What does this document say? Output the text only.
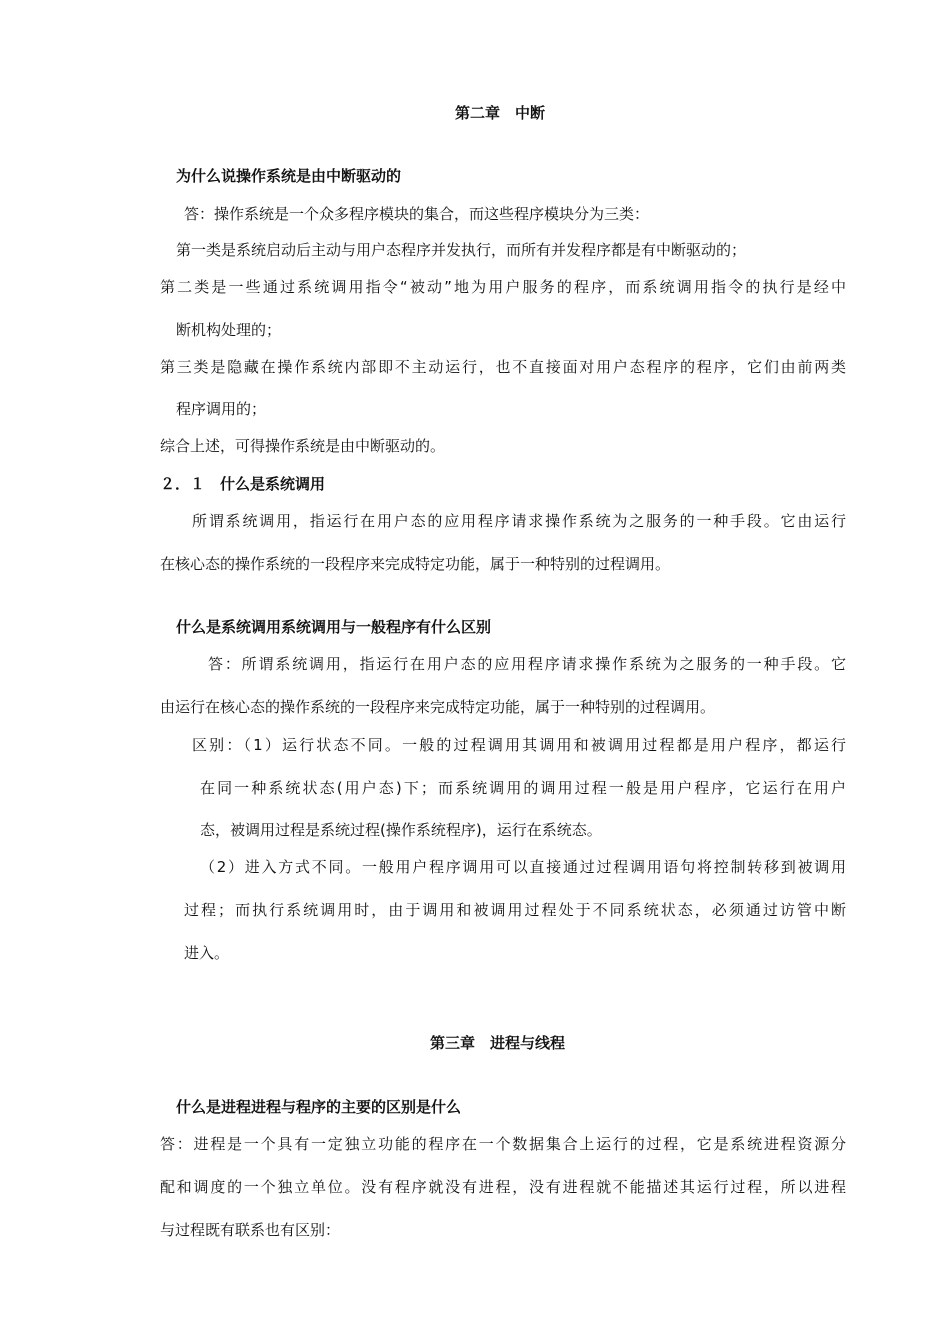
第二章　中断
为什么说操作系统是由中断驱动的
答：操作系统是一个众多程序模块的集合，而这些程序模块分为三类：
第一类是系统启动后主动与用户态程序并发执行，而所有并发程序都是有中断驱动的；
第二类是一些通过系统调用指令“被动”地为用户服务的程序，而系统调用指令的执行是经中
断机构处理的；
第三类是隐藏在操作系统内部即不主动运行，也不直接面对用户态程序的程序，它们由前两类
程序调用的；
综合上述，可得操作系统是由中断驱动的。
２．１　什么是系统调用
所谓系统调用，指运行在用户态的应用程序请求操作系统为之服务的一种手段。它由运行
在核心态的操作系统的一段程序来完成特定功能，属于一种特别的过程调用。
什么是系统调用系统调用与一般程序有什么区别
答：所谓系统调用，指运行在用户态的应用程序请求操作系统为之服务的一种手段。它
由运行在核心态的操作系统的一段程序来完成特定功能，属于一种特别的过程调用。
区别：（1）运行状态不同。一般的过程调用其调用和被调用过程都是用户程序，都运行
在同一种系统状态(用户态)下；而系统调用的调用过程一般是用户程序，它运行在用户
态，被调用过程是系统过程(操作系统程序)，运行在系统态。
（2）进入方式不同。一般用户程序调用可以直接通过过程调用语句将控制转移到被调用
过程；而执行系统调用时，由于调用和被调用过程处于不同系统状态，必须通过访管中断
进入。
第三章　进程与线程
什么是进程进程与程序的主要的区别是什么
答：进程是一个具有一定独立功能的程序在一个数据集合上运行的过程，它是系统进程资源分
配和调度的一个独立单位。没有程序就没有进程，没有进程就不能描述其运行过程，所以进程
与过程既有联系也有区别：
